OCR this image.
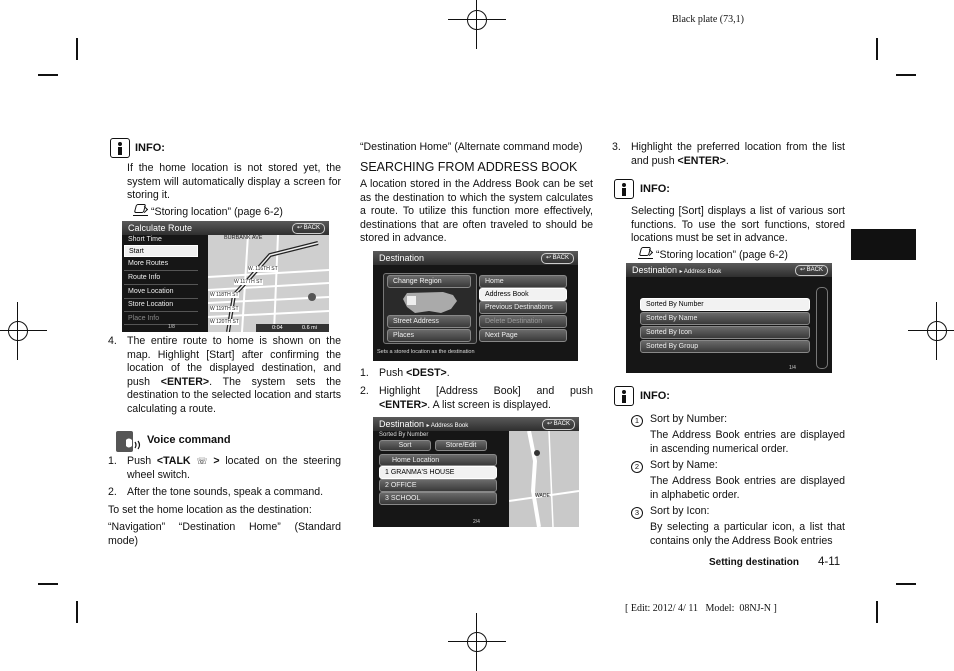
Black plate (73,1)
INFO:
If the home location is not stored yet, the system will automatically display a screen for storing it.
“Storing location” (page 6-2)
Calculate Route	↩ BACK
Short Time
Start
More Routes
Route Info
Move Location
Store Location
Place Info
1/8
BURBANK AVE
W. 116TH ST
W 117TH ST
W 118TH ST
W 119TH ST
W 120TH ST
0:04	0.6 mi
4. The entire route to home is shown on the map. Highlight [Start] after confirming the location of the displayed destination, and push <ENTER>. The system sets the destination to the selected location and starts calculating a route.
Voice command
1. Push <TALK ☏ > located on the steering wheel switch.
2. After the tone sounds, speak a command.
To set the home location as the destination:
“Navigation” “Destination Home” (Standard mode)
“Destination Home” (Alternate command mode)
SEARCHING FROM ADDRESS BOOK
A location stored in the Address Book can be set as the destination to which the system calculates a route. To utilize this function more effectively, destinations that are often traveled to should be stored in advance.
Destination	↩ BACK
Change Region
Street Address
Places
Home
Address Book
Previous Destinations
Delete Destination
Next Page
Sets a stored location as the destination
1. Push <DEST>.
2. Highlight [Address Book] and push <ENTER>. A list screen is displayed.
Destination ▸ Address Book	↩ BACK
Sorted By Number
Sort	Store/Edit
Home Location
1 GRANMA'S HOUSE
2 OFFICE
3 SCHOOL
2/4
WADE
3. Highlight the preferred location from the list and push <ENTER>.
INFO:
Selecting [Sort] displays a list of various sort functions. To use the sort functions, stored locations must be set in advance.
“Storing location” (page 6-2)
Destination ▸ Address Book	↩ BACK
Sorted By Number
Sorted By Name
Sorted By Icon
Sorted By Group
1/4
INFO:
1	Sort by Number:
The Address Book entries are displayed in ascending numerical order.
2	Sort by Name:
The Address Book entries are displayed in alphabetic order.
3	Sort by Icon:
By selecting a particular icon, a list that contains only the Address Book entries
Setting destination 4-11
[ Edit: 2012/ 4/ 11   Model:  08NJ-N ]
